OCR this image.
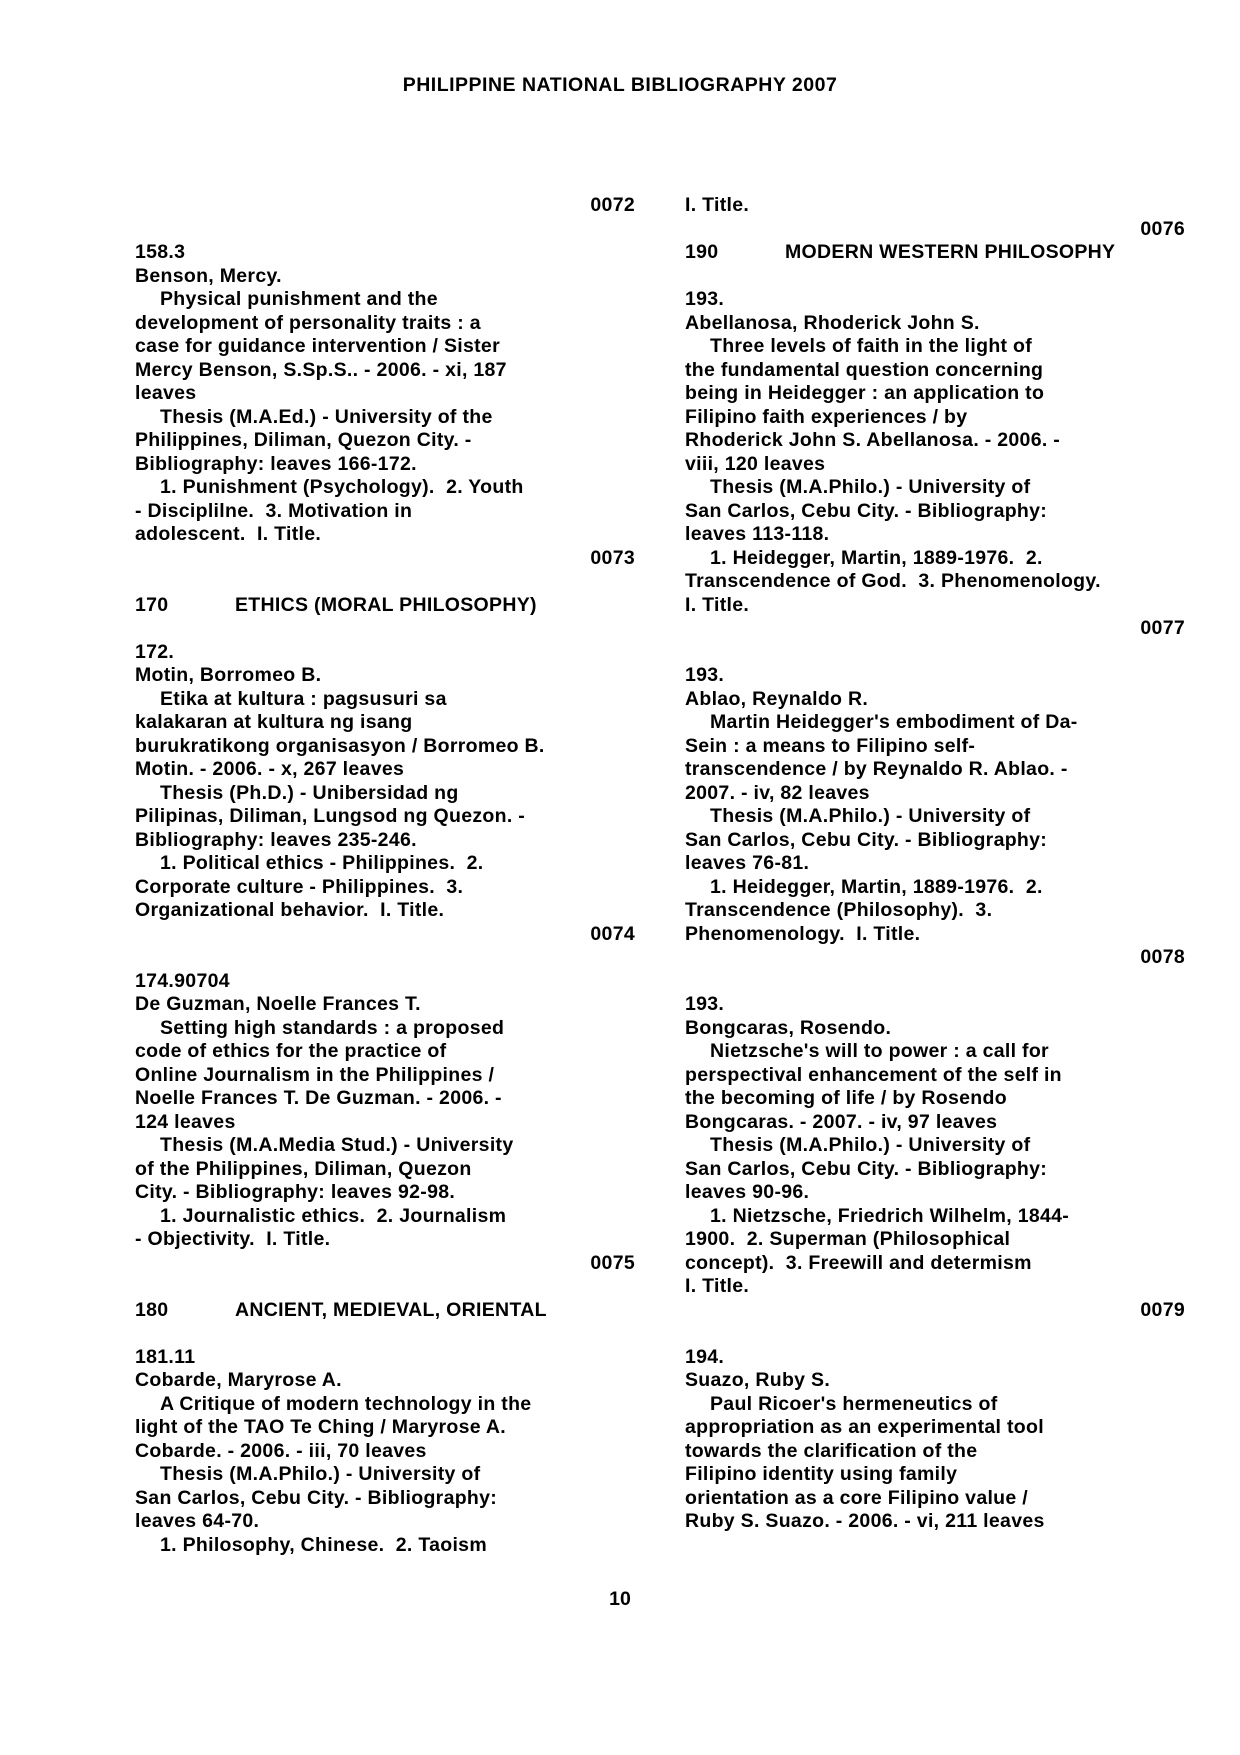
PHILIPPINE NATIONAL BIBLIOGRAPHY 2007
0072
158.3
Benson, Mercy.
Physical punishment and the
development of personality traits : a
case for guidance intervention / Sister
Mercy Benson, S.Sp.S.. - 2006. - xi, 187
leaves
Thesis (M.A.Ed.) - University of the
Philippines, Diliman, Quezon City. -
Bibliography: leaves 166-172.
1. Punishment (Psychology).  2. Youth
- Disciplilne.  3. Motivation in
adolescent.  I. Title.
0073
170	ETHICS (MORAL PHILOSOPHY)
172.
Motin, Borromeo B.
Etika at kultura : pagsusuri sa
kalakaran at kultura ng isang
burukratikong organisasyon / Borromeo B.
Motin. - 2006. - x, 267 leaves
Thesis (Ph.D.) - Unibersidad ng
Pilipinas, Diliman, Lungsod ng Quezon. -
Bibliography: leaves 235-246.
1. Political ethics - Philippines.  2.
Corporate culture - Philippines.  3.
Organizational behavior.  I. Title.
0074
174.90704
De Guzman, Noelle Frances T.
Setting high standards : a proposed
code of ethics for the practice of
Online Journalism in the Philippines /
Noelle Frances T. De Guzman. - 2006. -
124 leaves
Thesis (M.A.Media Stud.) - University
of the Philippines, Diliman, Quezon
City. - Bibliography: leaves 92-98.
1. Journalistic ethics.  2. Journalism
- Objectivity.  I. Title.
0075
180	ANCIENT, MEDIEVAL, ORIENTAL
181.11
Cobarde, Maryrose A.
A Critique of modern technology in the
light of the TAO Te Ching / Maryrose A.
Cobarde. - 2006. - iii, 70 leaves
Thesis (M.A.Philo.) - University of
San Carlos, Cebu City. - Bibliography:
leaves 64-70.
1. Philosophy, Chinese.  2. Taoism
I. Title.
0076
190	MODERN WESTERN PHILOSOPHY
193.
Abellanosa, Rhoderick John S.
Three levels of faith in the light of
the fundamental question concerning
being in Heidegger : an application to
Filipino faith experiences / by
Rhoderick John S. Abellanosa. - 2006. -
viii, 120 leaves
Thesis (M.A.Philo.) - University of
San Carlos, Cebu City. - Bibliography:
leaves 113-118.
1. Heidegger, Martin, 1889-1976.  2.
Transcendence of God.  3. Phenomenology.
I. Title.
0077
193.
Ablao, Reynaldo R.
Martin Heidegger's embodiment of Da-
Sein : a means to Filipino self-
transcendence / by Reynaldo R. Ablao. -
2007. - iv, 82 leaves
Thesis (M.A.Philo.) - University of
San Carlos, Cebu City. - Bibliography:
leaves 76-81.
1. Heidegger, Martin, 1889-1976.  2.
Transcendence (Philosophy).  3.
Phenomenology.  I. Title.
0078
193.
Bongcaras, Rosendo.
Nietzsche's will to power : a call for
perspectival enhancement of the self in
the becoming of life / by Rosendo
Bongcaras. - 2007. - iv, 97 leaves
Thesis (M.A.Philo.) - University of
San Carlos, Cebu City. - Bibliography:
leaves 90-96.
1. Nietzsche, Friedrich Wilhelm, 1844-
1900.  2. Superman (Philosophical
concept).  3. Freewill and determism
I. Title.
0079
194.
Suazo, Ruby S.
Paul Ricoer's hermeneutics of
appropriation as an experimental tool
towards the clarification of the
Filipino identity using family
orientation as a core Filipino value /
Ruby S. Suazo. - 2006. - vi, 211 leaves
10
